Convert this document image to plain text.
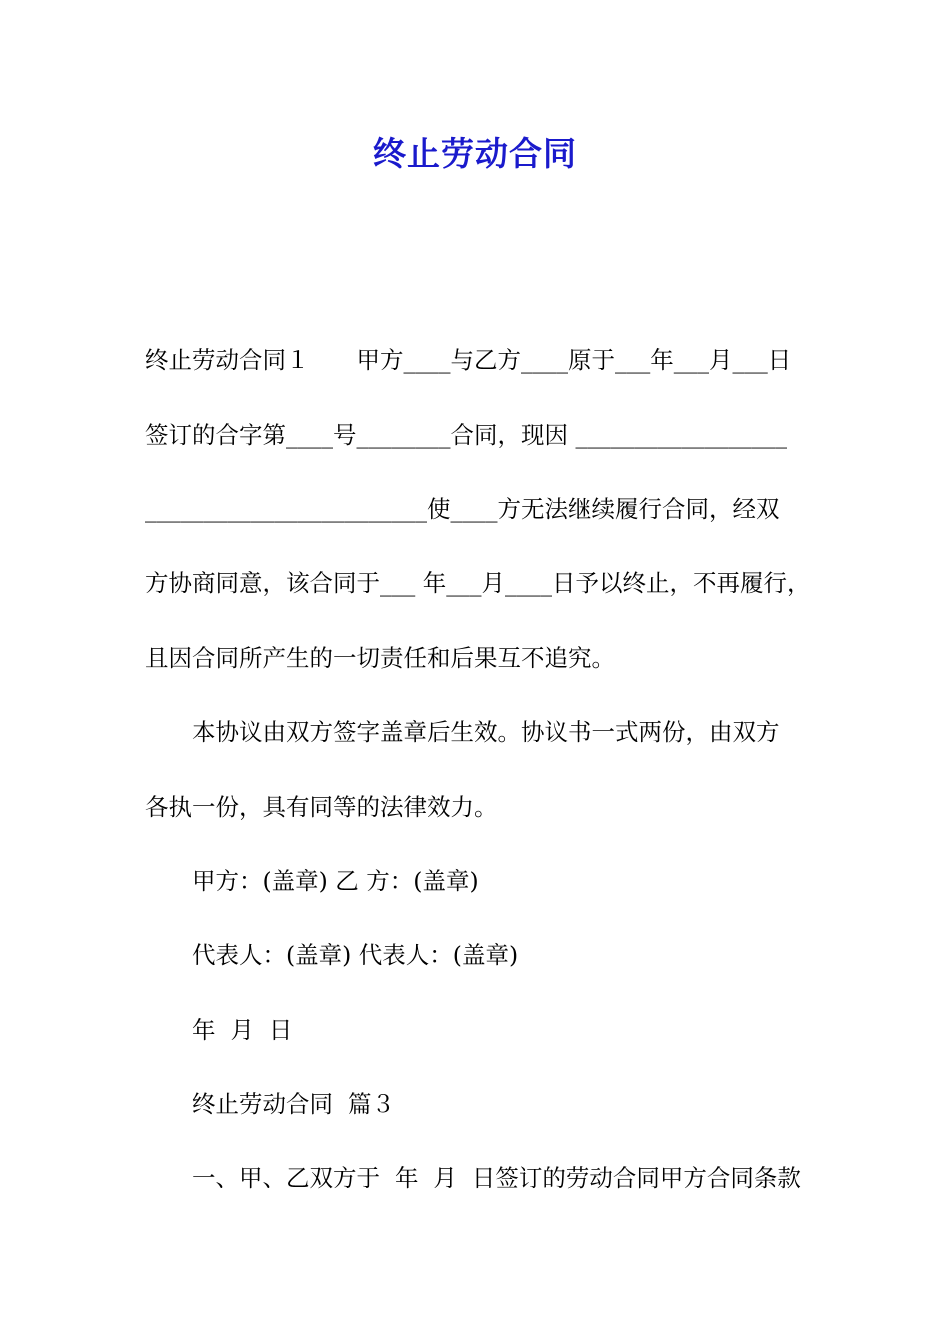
终止劳动合同

终止劳动合同１　　甲方____与乙方____原于___年___月___日

签订的合字第____号________合同，现因 __________________

________________________使____方无法继续履行合同，经双

方协商同意，该合同于___ 年___月____日予以终止，不再履行，

且因合同所产生的一切责任和后果互不追究。

本协议由双方签字盖章后生效。协议书一式两份，由双方

各执一份，具有同等的法律效力。

甲方：(盖章) 乙 方：(盖章)

代表人：(盖章) 代表人：(盖章)

年  月  日

终止劳动合同  篇３

一、甲、乙双方于  年  月  日签订的劳动合同甲方合同条款
